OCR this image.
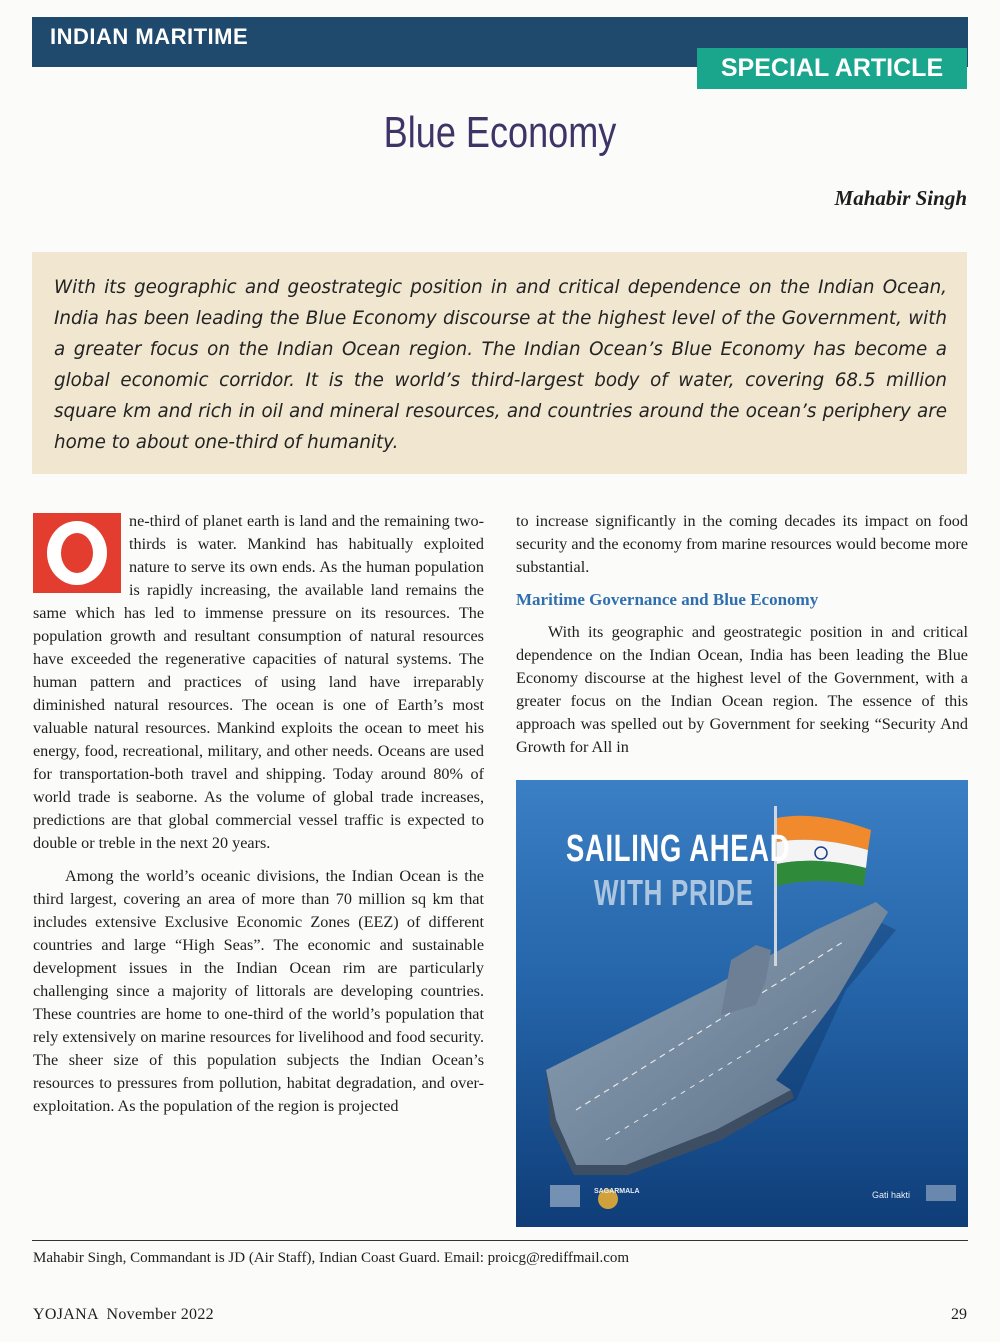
INDIAN MARITIME
SPECIAL ARTICLE
Blue Economy
Mahabir Singh
With its geographic and geostrategic position in and critical dependence on the Indian Ocean, India has been leading the Blue Economy discourse at the highest level of the Government, with a greater focus on the Indian Ocean region. The Indian Ocean’s Blue Economy has become a global economic corridor. It is the world’s third-largest body of water, covering 68.5 million square km and rich in oil and mineral resources, and countries around the ocean’s periphery are home to about one-third of humanity.

ne-third of planet earth is land and the remaining two-thirds is water. Mankind has habitually exploited nature to serve its own ends. As the human population is rapidly increasing, the available land remains the same which has led to immense pressure on its resources. The population growth and resultant consumption of natural resources have exceeded the regenerative capacities of natural systems. The human pattern and practices of using land have irreparably diminished natural resources. The ocean is one of Earth’s most valuable natural resources. Mankind exploits the ocean to meet his energy, food, recreational, military, and other needs. Oceans are used for transportation-both travel and shipping. Today around 80% of world trade is seaborne. As the volume of global trade increases, predictions are that global commercial vessel traffic is expected to double or treble in the next 20 years.

Among the world’s oceanic divisions, the Indian Ocean is the third largest, covering an area of more than 70 million sq km that includes extensive Exclusive Economic Zones (EEZ) of different countries and large “High Seas”. The economic and sustainable development issues in the Indian Ocean rim are particularly challenging since a majority of littorals are developing countries. These countries are home to one-third of the world’s population that rely extensively on marine resources for livelihood and food security. The sheer size of this population subjects the Indian Ocean’s resources to pressures from pollution, habitat degradation, and over-exploitation. As the population of the region is projected

to increase significantly in the coming decades its impact on food security and the economy from marine resources would become more substantial.

Maritime Governance and Blue Economy

With its geographic and geostrategic position in and critical dependence on the Indian Ocean, India has been leading the Blue Economy discourse at the highest level of the Government, with a greater focus on the Indian Ocean region. The essence of this approach was spelled out by Government for seeking “Security And Growth for All in

SAILING AHEAD
WITH PRIDE
SAGARMALA	Gati hakti
Mahabir Singh, Commandant is JD (Air Staff), Indian Coast Guard. Email: proicg@rediffmail.com
YOJANA  November 2022	29
